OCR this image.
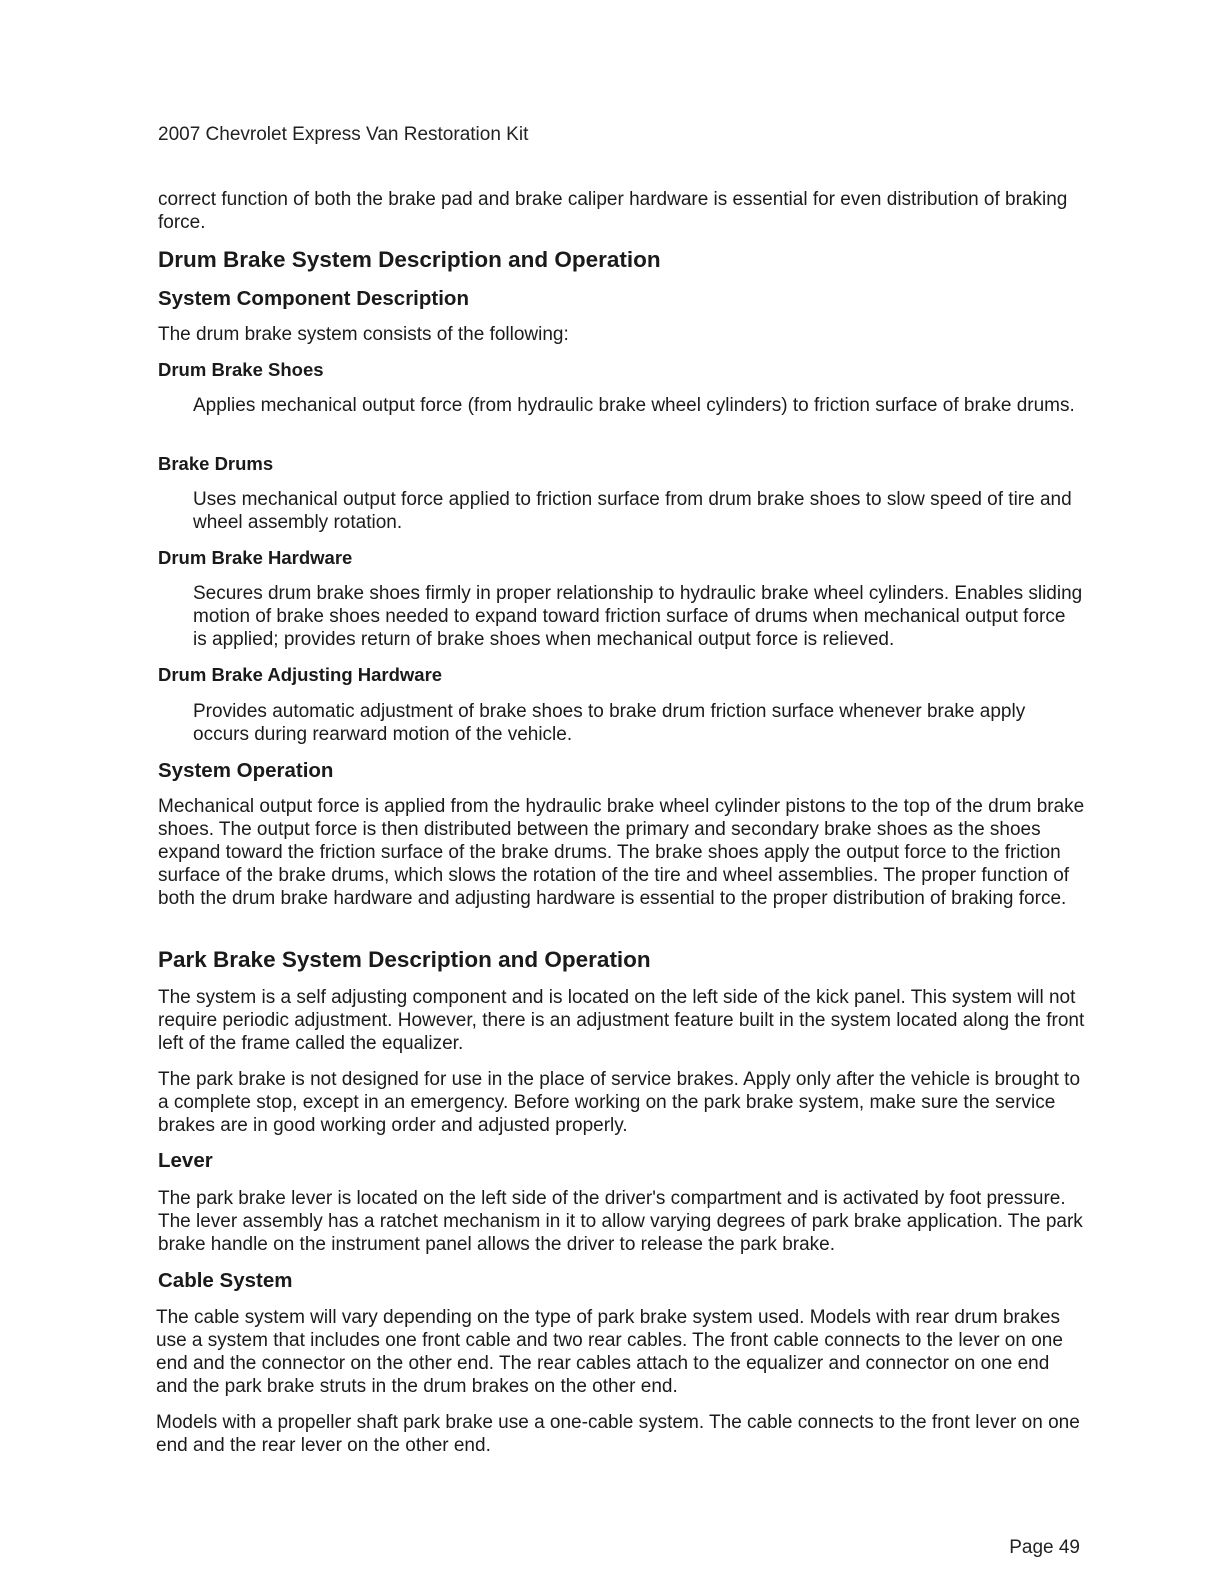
2007 Chevrolet Express Van Restoration Kit

correct function of both the brake pad and brake caliper hardware is essential for even distribution of braking force.

Drum Brake System Description and Operation
System Component Description

The drum brake system consists of the following:

Drum Brake Shoes

Applies mechanical output force (from hydraulic brake wheel cylinders) to friction surface of brake drums.

Brake Drums

Uses mechanical output force applied to friction surface from drum brake shoes to slow speed of tire and wheel assembly rotation.

Drum Brake Hardware

Secures drum brake shoes firmly in proper relationship to hydraulic brake wheel cylinders. Enables sliding motion of brake shoes needed to expand toward friction surface of drums when mechanical output force is applied; provides return of brake shoes when mechanical output force is relieved.

Drum Brake Adjusting Hardware

Provides automatic adjustment of brake shoes to brake drum friction surface whenever brake apply occurs during rearward motion of the vehicle.

System Operation

Mechanical output force is applied from the hydraulic brake wheel cylinder pistons to the top of the drum brake shoes. The output force is then distributed between the primary and secondary brake shoes as the shoes expand toward the friction surface of the brake drums. The brake shoes apply the output force to the friction surface of the brake drums, which slows the rotation of the tire and wheel assemblies. The proper function of both the drum brake hardware and adjusting hardware is essential to the proper distribution of braking force.

Park Brake System Description and Operation

The system is a self adjusting component and is located on the left side of the kick panel. This system will not require periodic adjustment. However, there is an adjustment feature built in the system located along the front left of the frame called the equalizer.

The park brake is not designed for use in the place of service brakes. Apply only after the vehicle is brought to a complete stop, except in an emergency. Before working on the park brake system, make sure the service brakes are in good working order and adjusted properly.

Lever

The park brake lever is located on the left side of the driver's compartment and is activated by foot pressure. The lever assembly has a ratchet mechanism in it to allow varying degrees of park brake application. The park brake handle on the instrument panel allows the driver to release the park brake.

Cable System

The cable system will vary depending on the type of park brake system used. Models with rear drum brakes use a system that includes one front cable and two rear cables. The front cable connects to the lever on one end and the connector on the other end. The rear cables attach to the equalizer and connector on one end and the park brake struts in the drum brakes on the other end.

Models with a propeller shaft park brake use a one-cable system. The cable connects to the front lever on one end and the rear lever on the other end.

Page 49
